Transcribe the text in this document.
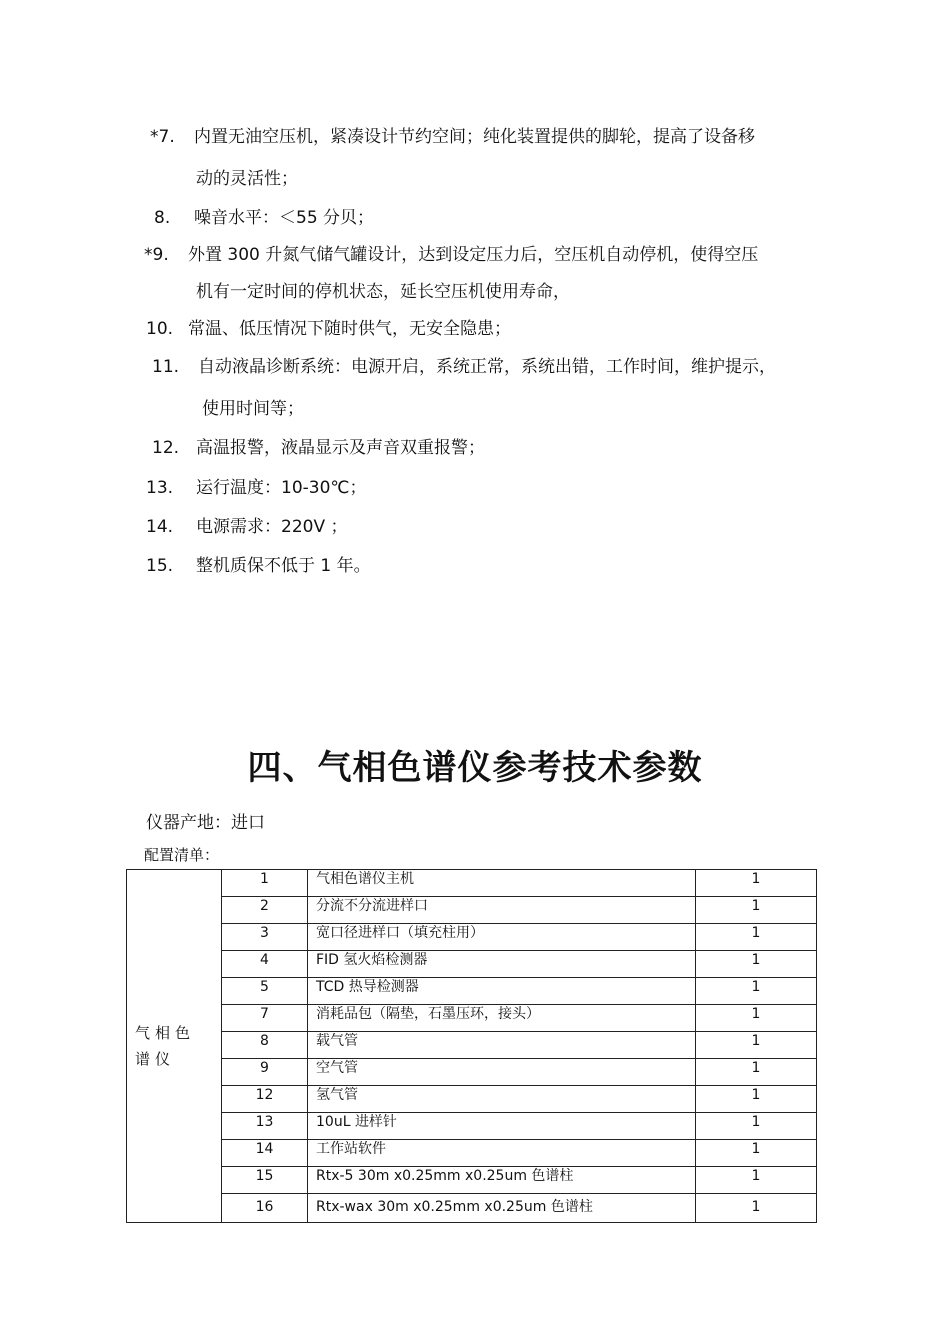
*7. 内置无油空压机，紧凑设计节约空间；纯化装置提供的脚轮，提高了设备移
动的灵活性；
8. 噪音水平：＜55 分贝；
*9. 外置 300 升氮气储气罐设计，达到设定压力后，空压机自动停机，使得空压
机有一定时间的停机状态，延长空压机使用寿命，
10. 常温、低压情况下随时供气，无安全隐患；
11. 自动液晶诊断系统：电源开启，系统正常，系统出错，工作时间，维护提示，
使用时间等；
12. 高温报警，液晶显示及声音双重报警；
13. 运行温度：10-30℃；
14. 电源需求：220V ；
15. 整机质保不低于 1 年。
四、气相色谱仪参考技术参数
仪器产地：进口
配置清单：
气相色谱仪	1	气相色谱仪主机	1
	2	分流不分流进样口	1
	3	宽口径进样口（填充柱用）	1
	4	FID 氢火焰检测器	1
	5	TCD 热导检测器	1
	7	消耗品包（隔垫，石墨压环，接头）	1
	8	载气管	1
	9	空气管	1
	12	氢气管	1
	13	10uL 进样针	1
	14	工作站软件	1
	15	Rtx-5 30m x0.25mm x0.25um 色谱柱	1
	16	Rtx-wax 30m x0.25mm x0.25um 色谱柱	1
